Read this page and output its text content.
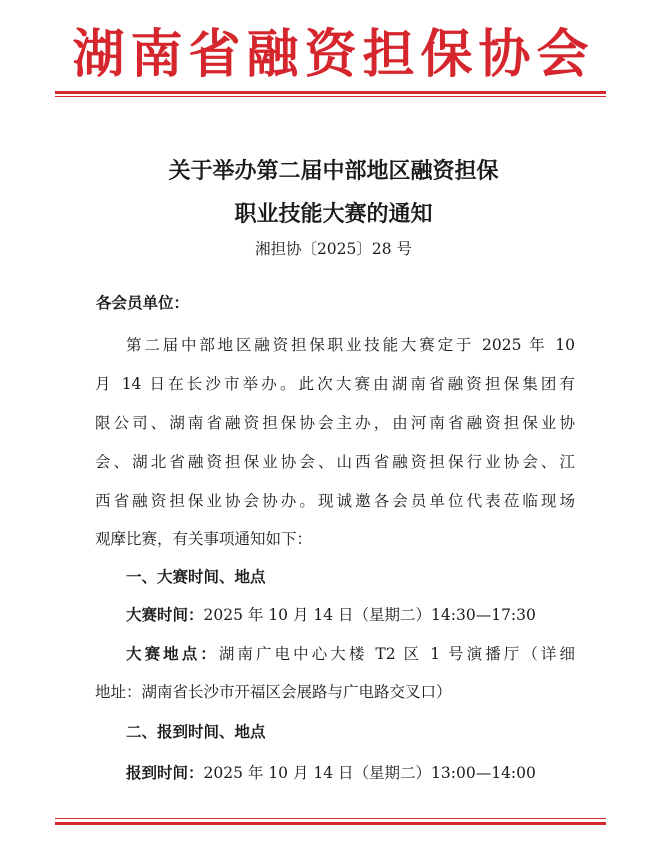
湖南省融资担保协会
关于举办第二届中部地区融资担保
职业技能大赛的通知
湘担协〔2025〕28 号
各会员单位：
第二届中部地区融资担保职业技能大赛定于 2025 年 10
月 14 日在长沙市举办。此次大赛由湖南省融资担保集团有
限公司、湖南省融资担保协会主办，由河南省融资担保业协
会、湖北省融资担保业协会、山西省融资担保行业协会、江
西省融资担保业协会协办。现诚邀各会员单位代表莅临现场
观摩比赛，有关事项通知如下：
一、大赛时间、地点
大赛时间：2025 年 10 月 14 日（星期二）14:30—17:30
大赛地点：湖南广电中心大楼 T2 区 1 号演播厅（详细
地址：湖南省长沙市开福区会展路与广电路交叉口）
二、报到时间、地点
报到时间：2025 年 10 月 14 日（星期二）13:00—14:00
